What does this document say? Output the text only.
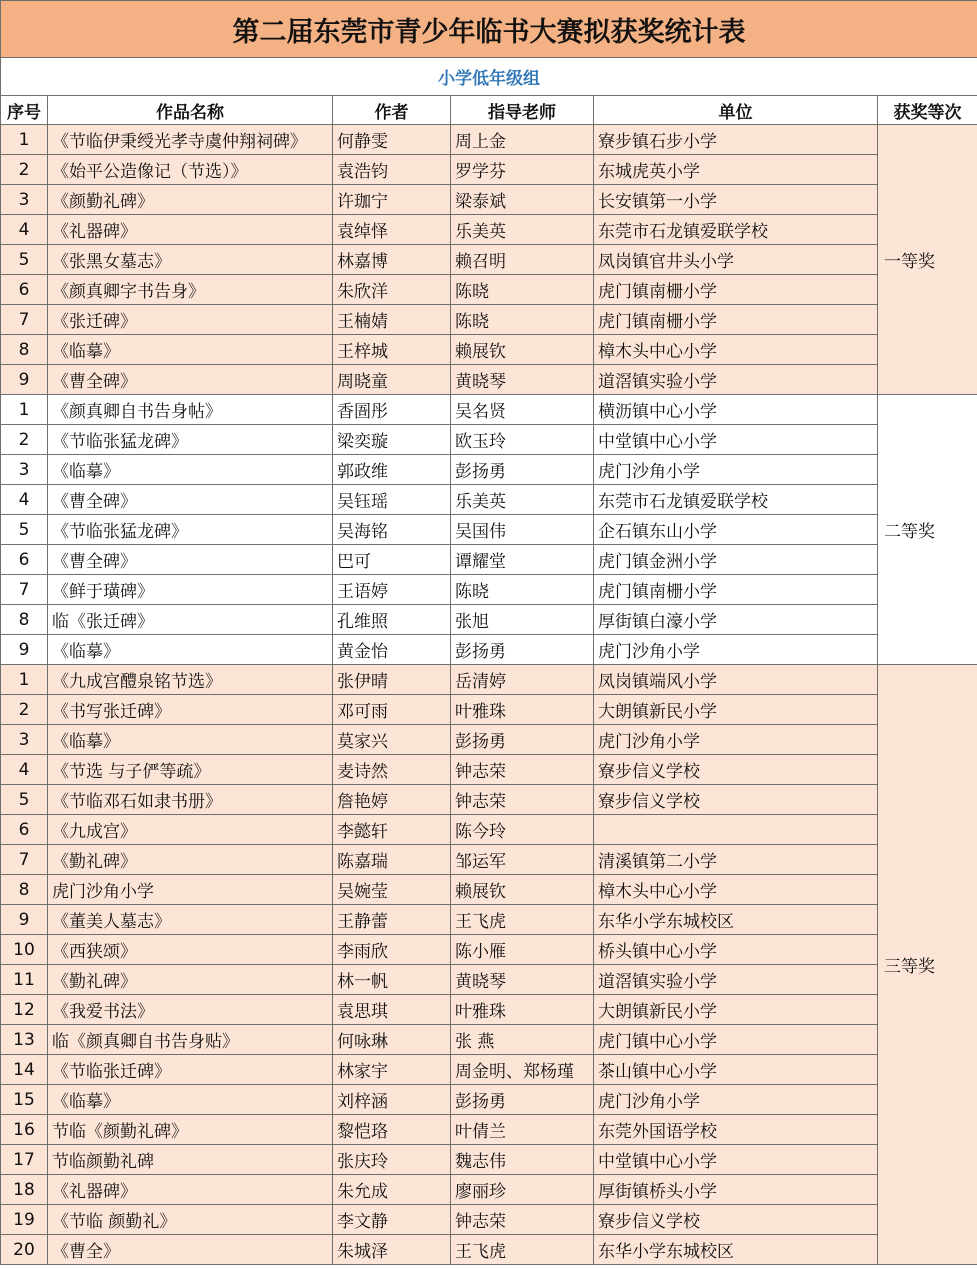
第二届东莞市青少年临书大赛拟获奖统计表					
小学低年级组					
序号	作品名称	作者	指导老师	单位	获奖等次
1	《节临伊秉绶光孝寺虞仲翔祠碑》	何静雯	周上金	寮步镇石步小学	一等奖
2	《始平公造像记（节选）》	袁浩钧	罗学芬	东城虎英小学	
3	《颜勤礼碑》	许珈宁	梁泰斌	长安镇第一小学	
4	《礼器碑》	袁绰怿	乐美英	东莞市石龙镇爱联学校	
5	《张黑女墓志》	林嘉博	赖召明	凤岗镇官井头小学	
6	《颜真卿字书告身》	朱欣洋	陈晓	虎门镇南栅小学	
7	《张迁碑》	王楠婧	陈晓	虎门镇南栅小学	
8	《临摹》	王梓城	赖展钦	樟木头中心小学	
9	《曹全碑》	周晓童	黄晓琴	道滘镇实验小学	
1	《颜真卿自书告身帖》	香圄彤	吴名贤	横沥镇中心小学	二等奖
2	《节临张猛龙碑》	梁奕璇	欧玉玲	中堂镇中心小学	
3	《临摹》	郭政维	彭扬勇	虎门沙角小学	
4	《曹全碑》	吴钰瑶	乐美英	东莞市石龙镇爱联学校	
5	《节临张猛龙碑》	吴海铭	吴国伟	企石镇东山小学	
6	《曹全碑》	巴可	谭耀堂	虎门镇金洲小学	
7	《鲜于璜碑》	王语婷	陈晓	虎门镇南栅小学	
8	临《张迁碑》	孔维照	张旭	厚街镇白濠小学	
9	《临摹》	黄金怡	彭扬勇	虎门沙角小学	
1	《九成宫醴泉铭节选》	张伊晴	岳清婷	凤岗镇端风小学	三等奖
2	《书写张迁碑》	邓可雨	叶雅珠	大朗镇新民小学	
3	《临摹》	莫家兴	彭扬勇	虎门沙角小学	
4	《节选 与子俨等疏》	麦诗然	钟志荣	寮步信义学校	
5	《节临邓石如隶书册》	詹艳婷	钟志荣	寮步信义学校	
6	《九成宫》	李懿轩	陈今玲		
7	《勤礼碑》	陈嘉瑞	邹运军	清溪镇第二小学	
8	虎门沙角小学	吴婉莹	赖展钦	樟木头中心小学	
9	《董美人墓志》	王静蕾	王飞虎	东华小学东城校区	
10	《西狭颂》	李雨欣	陈小雁	桥头镇中心小学	
11	《勤礼碑》	林一帆	黄晓琴	道滘镇实验小学	
12	《我爱书法》	袁思琪	叶雅珠	大朗镇新民小学	
13	临《颜真卿自书告身贴》	何咏琳	张 燕	虎门镇中心小学	
14	《节临张迁碑》	林家宇	周金明、郑杨瑾	茶山镇中心小学	
15	《临摹》	刘梓涵	彭扬勇	虎门沙角小学	
16	节临《颜勤礼碑》	黎恺珞	叶倩兰	东莞外国语学校	
17	节临颜勤礼碑	张庆玲	魏志伟	中堂镇中心小学	
18	《礼器碑》	朱允成	廖丽珍	厚街镇桥头小学	
19	《节临 颜勤礼》	李文静	钟志荣	寮步信义学校	
20	《曹全》	朱城泽	王飞虎	东华小学东城校区	
